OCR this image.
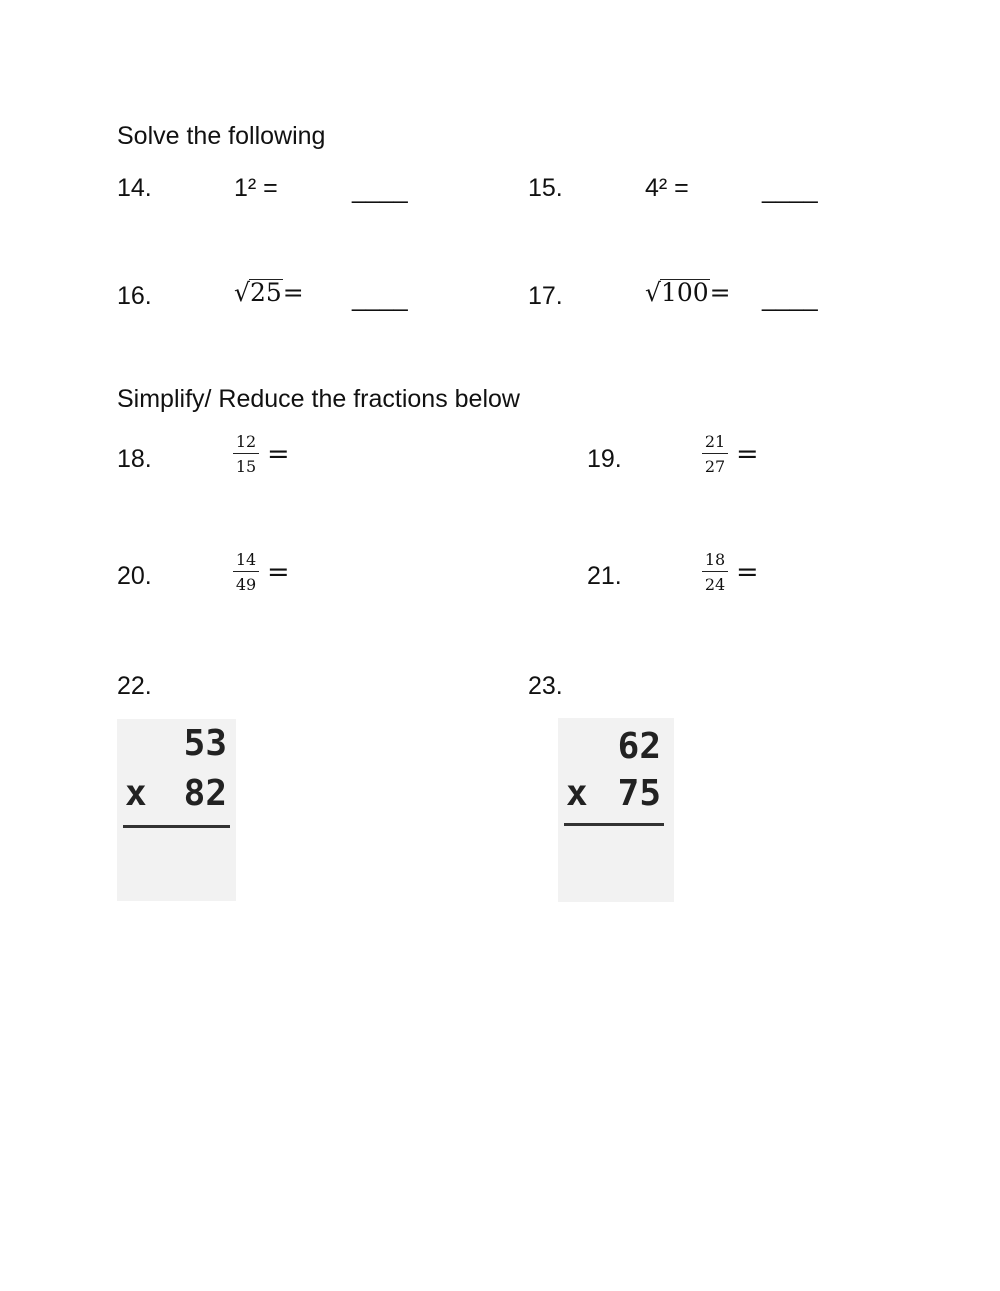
Solve the following
14.	1² =	____	15.	4² =	____
16.	√25= ____	17.	√100= ____
Simplify/ Reduce the fractions below
18.	$\frac{12}{15}$ =	19.	$\frac{21}{27}$ =
20.	$\frac{14}{49}$ =	21.	$\frac{18}{24}$ =
22.
53
x 82
23.
62
x 75
